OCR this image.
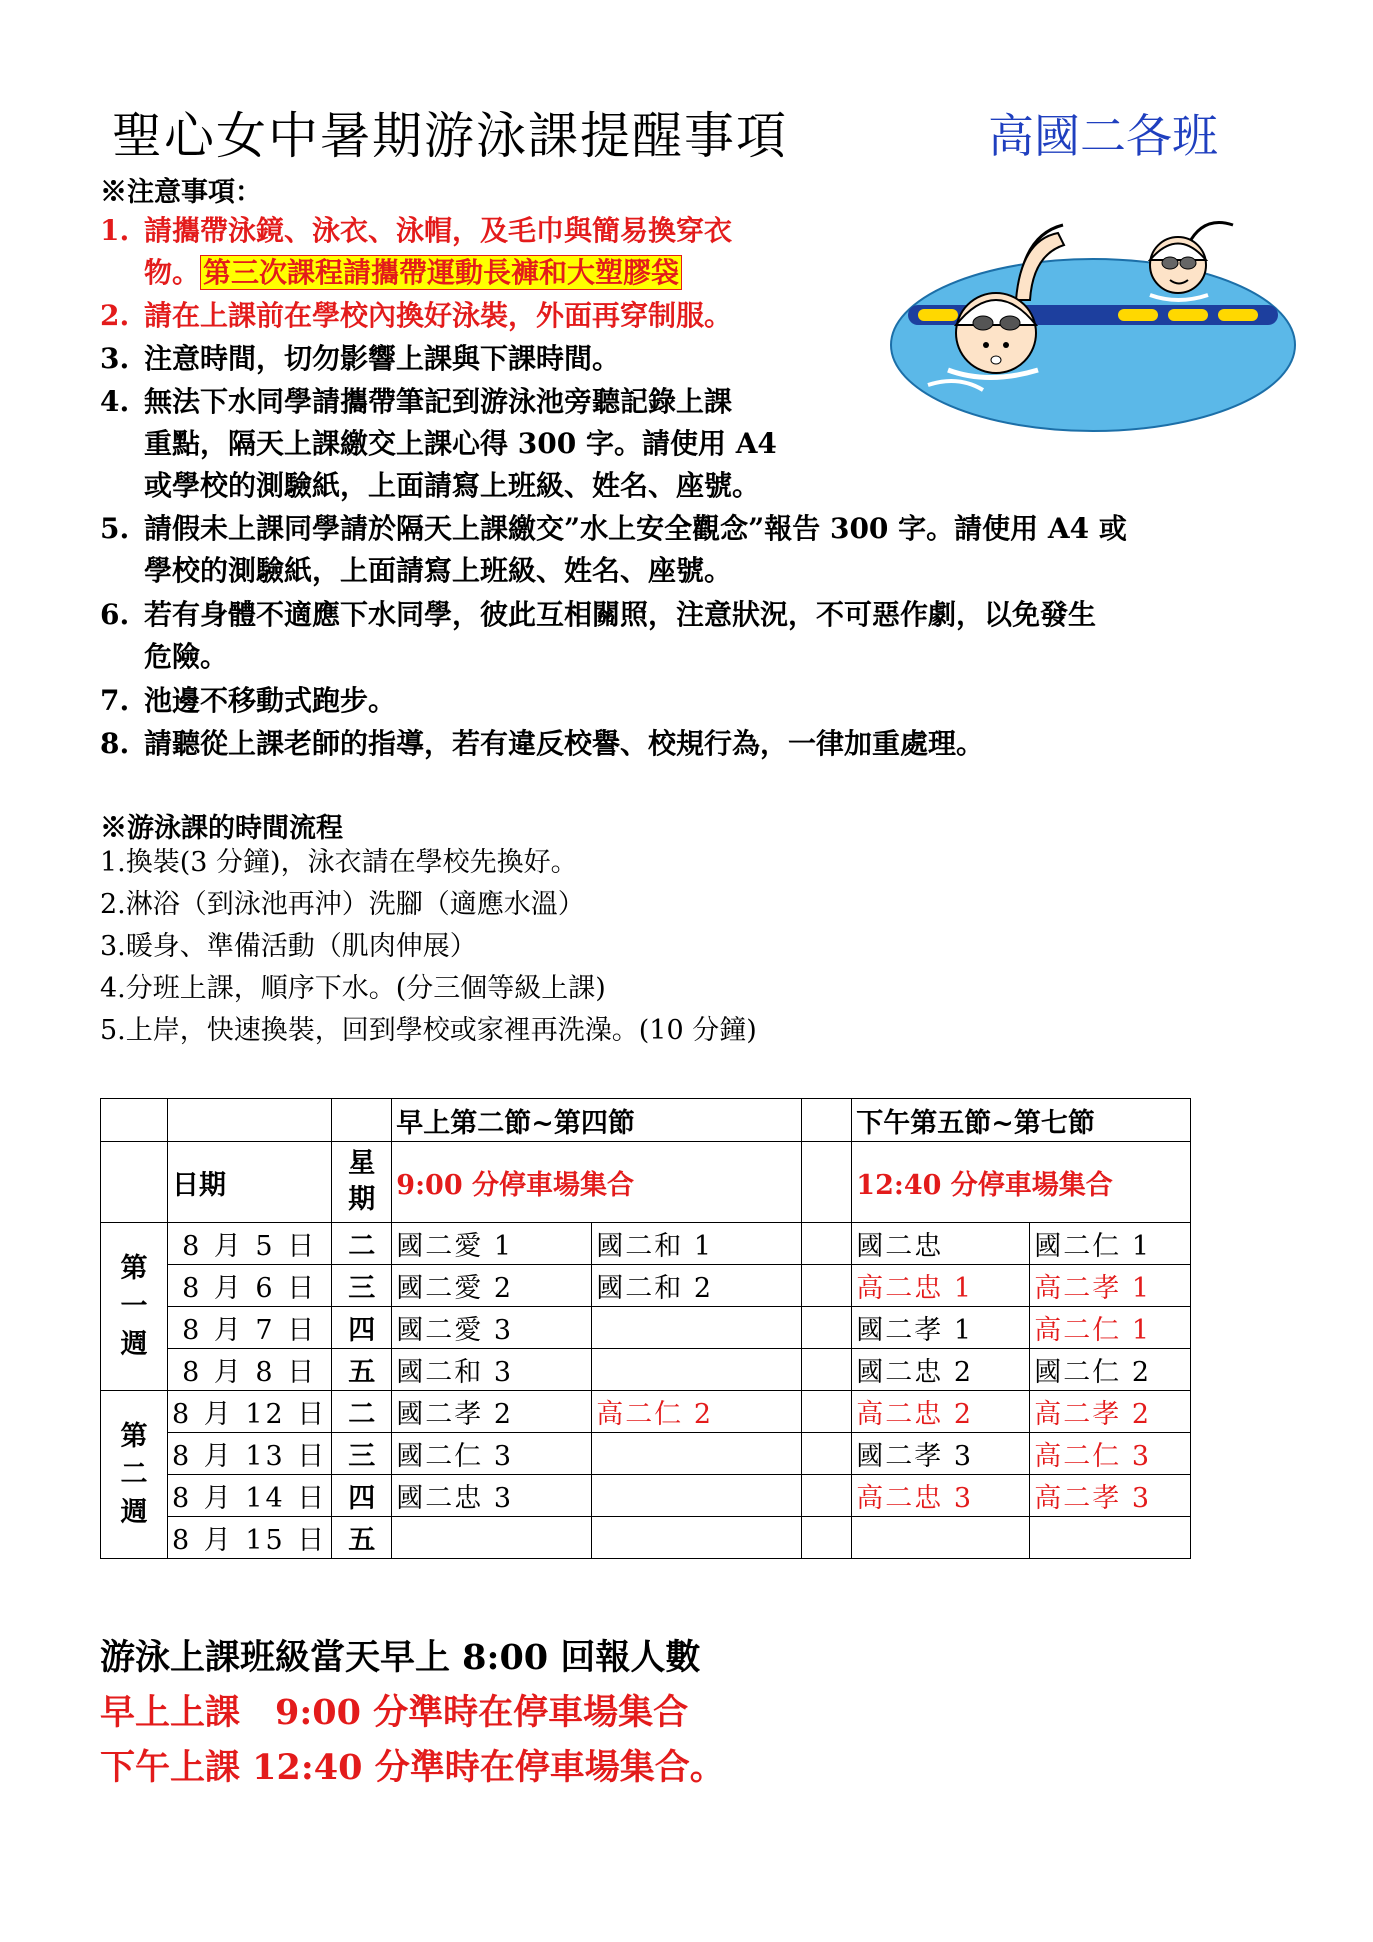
聖心女中暑期游泳課提醒事項	高國二各班
※注意事項：
1. 請攜帶泳鏡、泳衣、泳帽，及毛巾與簡易換穿衣
物。 第三次課程請攜帶運動長褲和大塑膠袋
2. 請在上課前在學校內換好泳裝，外面再穿制服。
3. 注意時間，切勿影響上課與下課時間。
4. 無法下水同學請攜帶筆記到游泳池旁聽記錄上課
重點，隔天上課繳交上課心得 300 字。請使用 A4
或學校的測驗紙，上面請寫上班級、姓名、座號。
5. 請假未上課同學請於隔天上課繳交”水上安全觀念”報告 300 字。請使用 A4 或
學校的測驗紙，上面請寫上班級、姓名、座號。
6. 若有身體不適應下水同學，彼此互相關照，注意狀況，不可惡作劇，以免發生
危險。
7. 池邊不移動式跑步。
8. 請聽從上課老師的指導，若有違反校譽、校規行為，一律加重處理。
※游泳課的時間流程
1.換裝(3 分鐘)，泳衣請在學校先換好。
2.淋浴（到泳池再沖）洗腳（適應水溫）
3.暖身、準備活動（肌肉伸展）
4.分班上課，順序下水。(分三個等級上課)
5.上岸，快速換裝，回到學校或家裡再洗澡。(10 分鐘)
			早上第二節~第四節			下午第五節~第七節	
	日期	星
期	9:00 分停車場集合			12:40 分停車場集合	

第一週	8 月 5 日	二	國二愛 1	國二和 1		國二忠	國二仁 1
	8 月 6 日	三	國二愛 2	國二和 2		高二忠 1	高二孝 1
	8 月 7 日	四	國二愛 3			國二孝 1	高二仁 1
	8 月 8 日	五	國二和 3			國二忠 2	國二仁 2

第二週	8 月 12 日	二	國二孝 2	高二仁 2		高二忠 2	高二孝 2
	8 月 13 日	三	國二仁 3			國二孝 3	高二仁 3
	8 月 14 日	四	國二忠 3			高二忠 3	高二孝 3
	8 月 15 日	五					
游泳上課班級當天早上 8:00 回報人數
早上上課　9:00 分準時在停車場集合
下午上課 12:40 分準時在停車場集合。
